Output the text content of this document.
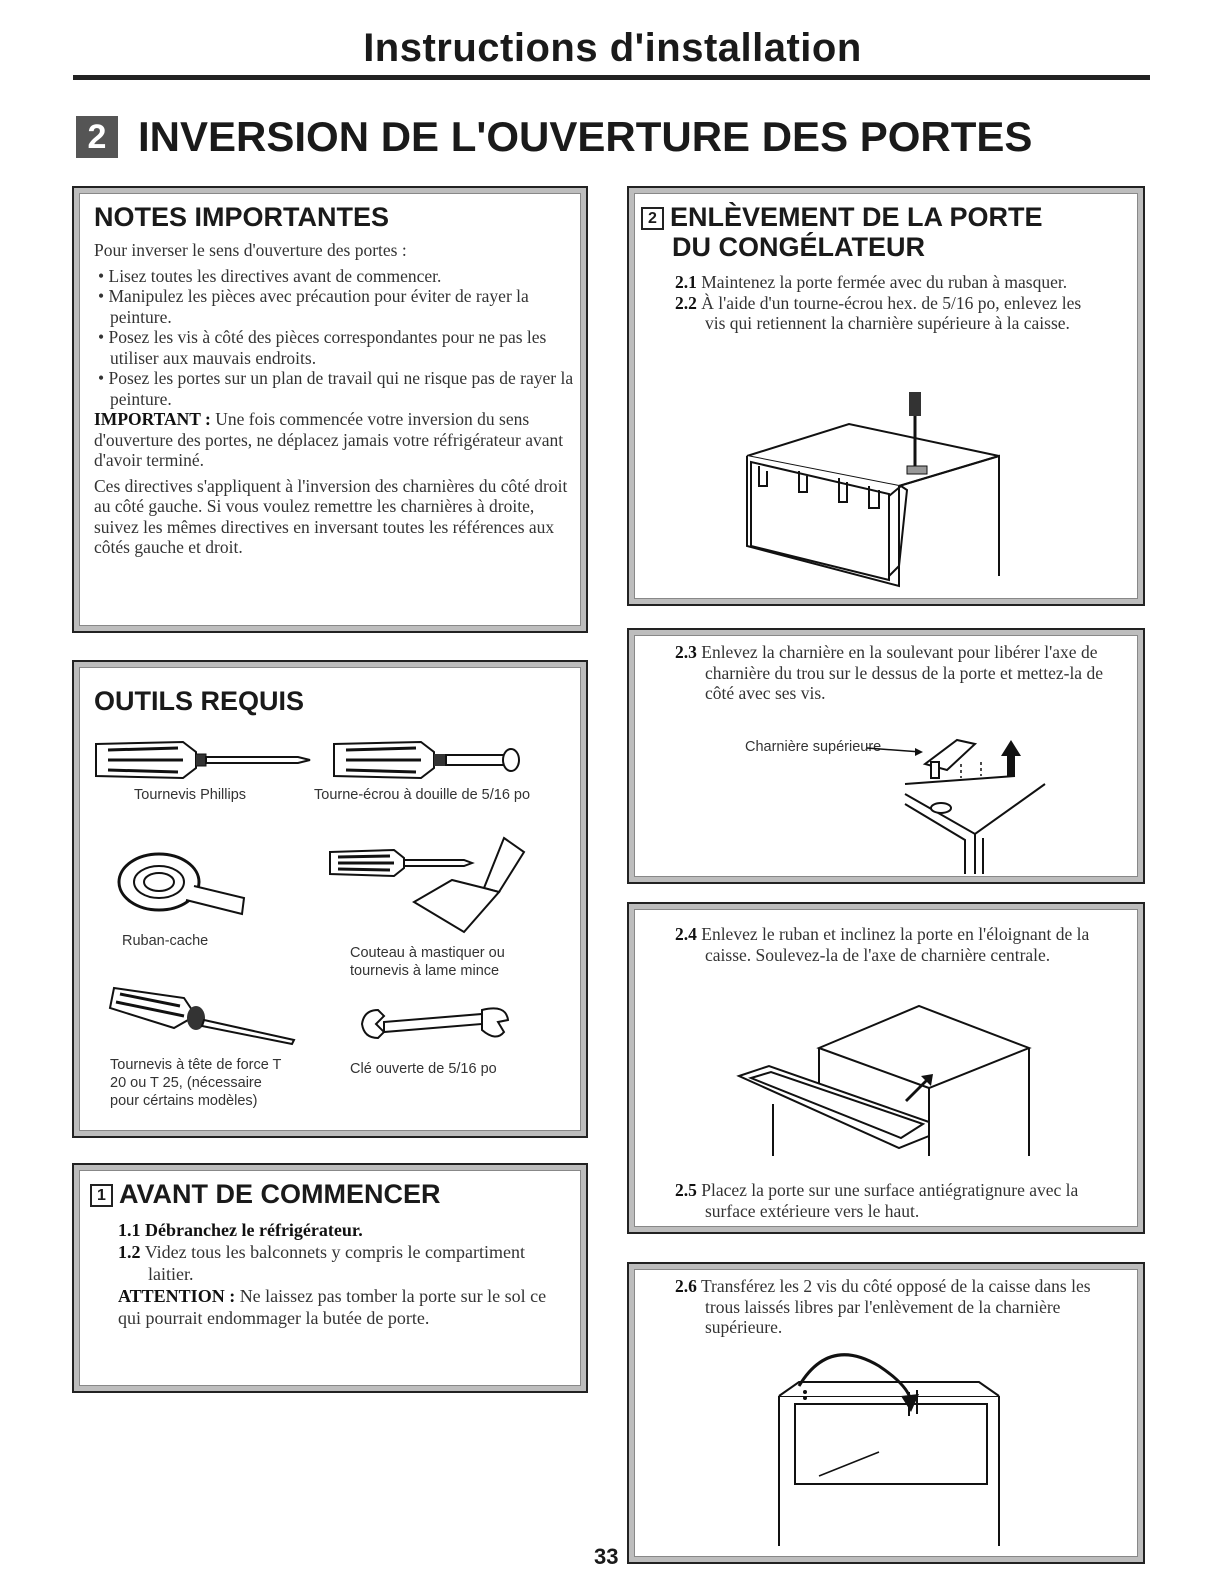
Instructions d'installation
2 INVERSION DE L'OUVERTURE DES PORTES
NOTES IMPORTANTES

Pour inverser le sens d'ouverture des portes :

• Lisez toutes les directives avant de commencer.

• Manipulez les pièces avec précaution pour éviter de rayer la peinture.

• Posez les vis à côté des pièces correspondantes pour ne pas les utiliser aux mauvais endroits.

• Posez les portes sur un plan de travail qui ne risque pas de rayer la peinture.

IMPORTANT : Une fois commencée votre inversion du sens d'ouverture des portes, ne déplacez jamais votre réfrigérateur avant d'avoir terminé.

Ces directives s'appliquent à l'inversion des charnières du côté droit au côté gauche. Si vous voulez remettre les charnières à droite, suivez les mêmes directives en inversant toutes les références aux côtés gauche et droit.

OUTILS REQUIS
Tournevis Phillips	Tourne-écrou à douille de 5/16 po
Ruban-cache
Couteau à mastiquer ou tournevis à lame mince
Tournevis à tête de force T 20 ou T 25, (nécessaire pour cértains modèles)
Clé ouverte de 5/16 po
1 AVANT DE COMMENCER

1.1 Débranchez le réfrigérateur.

1.2 Videz tous les balconnets y compris le compartiment laitier.

ATTENTION : Ne laissez pas tomber la porte sur le sol ce qui pourrait endommager la butée de porte.

2 ENLÈVEMENT DE LA PORTE
DU CONGÉLATEUR

2.1 Maintenez la porte fermée avec du ruban à masquer.

2.2 À l'aide d'un tourne-écrou hex. de 5/16 po, enlevez les vis qui retiennent la charnière supérieure à la caisse.

2.3 Enlevez la charnière en la soulevant pour libérer l'axe de charnière du trou sur le dessus de la porte et mettez-la de côté avec ses vis.

Charnière supérieure

2.4 Enlevez le ruban et inclinez la porte en l'éloignant de la caisse. Soulevez-la de l'axe de charnière centrale.

2.5 Placez la porte sur une surface antiégratignure avec la surface extérieure vers le haut.

2.6 Transférez les 2 vis du côté opposé de la caisse dans les trous laissés libres par l'enlèvement de la charnière supérieure.

33
